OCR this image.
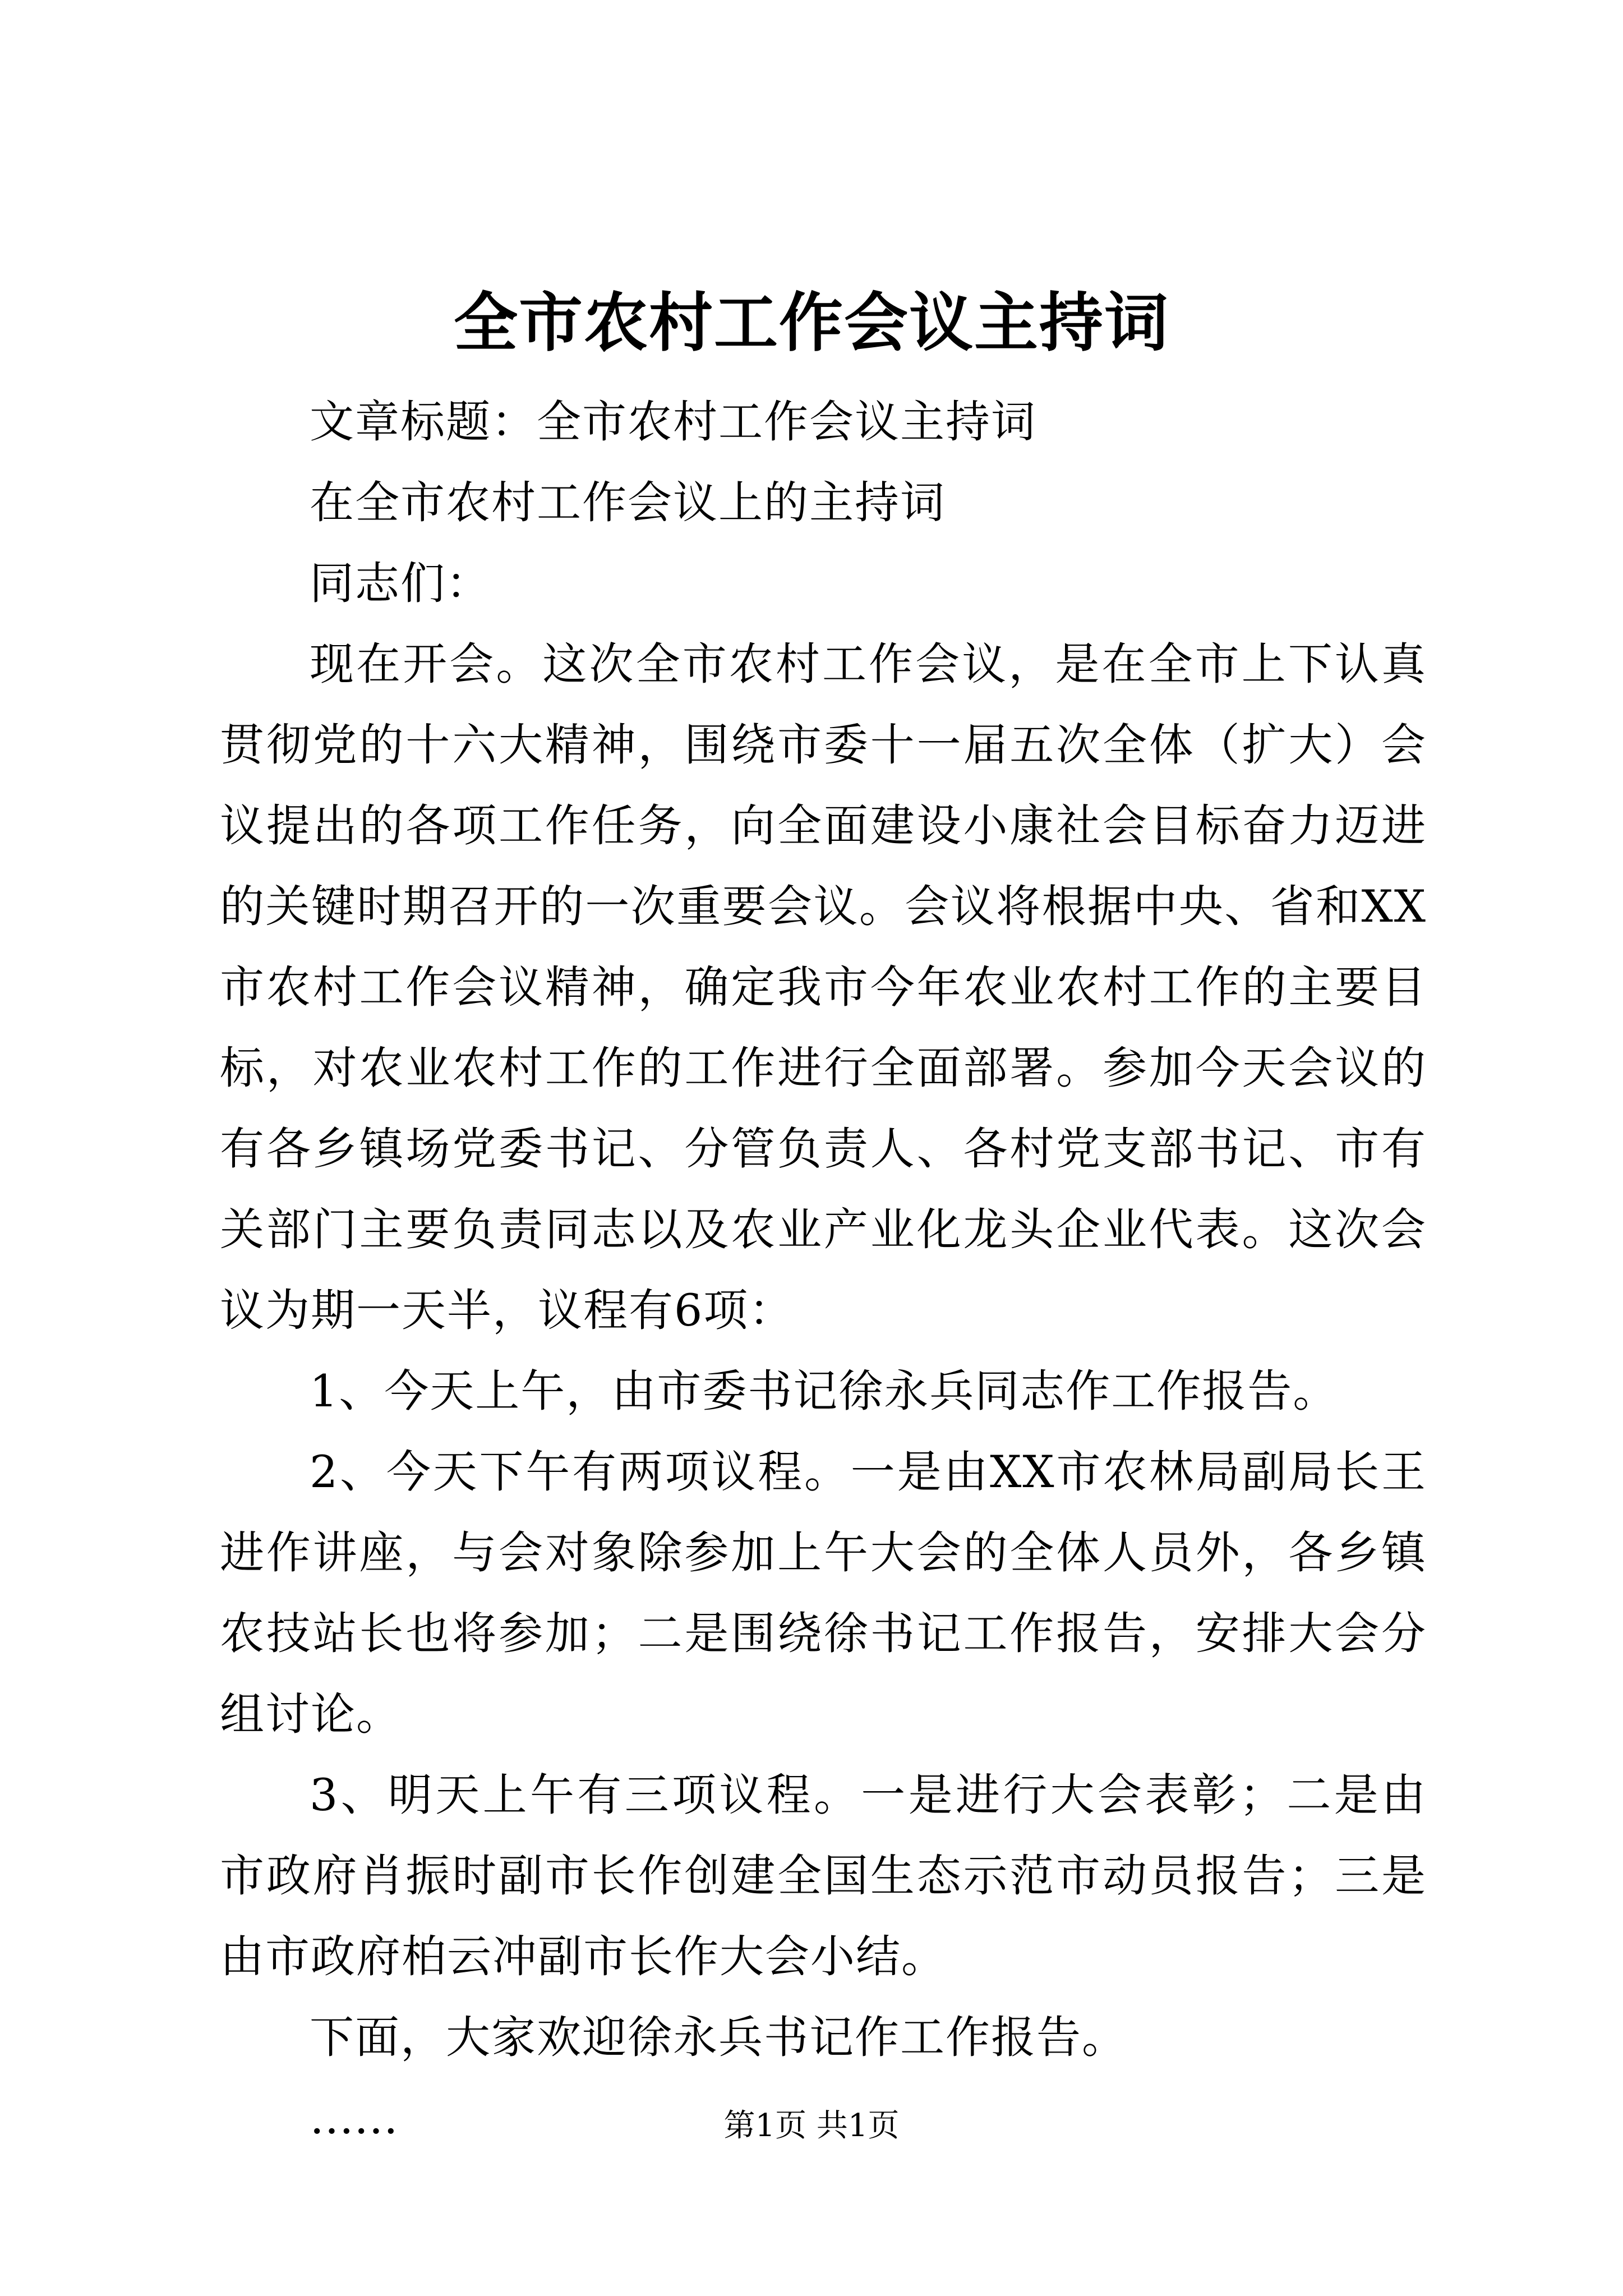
全市农村工作会议主持词

文章标题：全市农村工作会议主持词

在全市农村工作会议上的主持词

同志们：

现在开会。这次全市农村工作会议，是在全市上下认真贯彻党的十六大精神，围绕市委十一届五次全体（扩大）会议提出的各项工作任务，向全面建设小康社会目标奋力迈进的关键时期召开的一次重要会议。会议将根据中央、省和XX市农村工作会议精神，确定我市今年农业农村工作的主要目标，对农业农村工作的工作进行全面部署。参加今天会议的有各乡镇场党委书记、分管负责人、各村党支部书记、市有关部门主要负责同志以及农业产业化龙头企业代表。这次会议为期一天半，议程有6项：

1、今天上午，由市委书记徐永兵同志作工作报告。

2、今天下午有两项议程。一是由XX市农林局副局长王进作讲座，与会对象除参加上午大会的全体人员外，各乡镇农技站长也将参加；二是围绕徐书记工作报告，安排大会分组讨论。

3、明天上午有三项议程。一是进行大会表彰；二是由市政府肖振时副市长作创建全国生态示范市动员报告；三是由市政府柏云冲副市长作大会小结。

下面，大家欢迎徐永兵书记作工作报告。

……	第1页 共1页
